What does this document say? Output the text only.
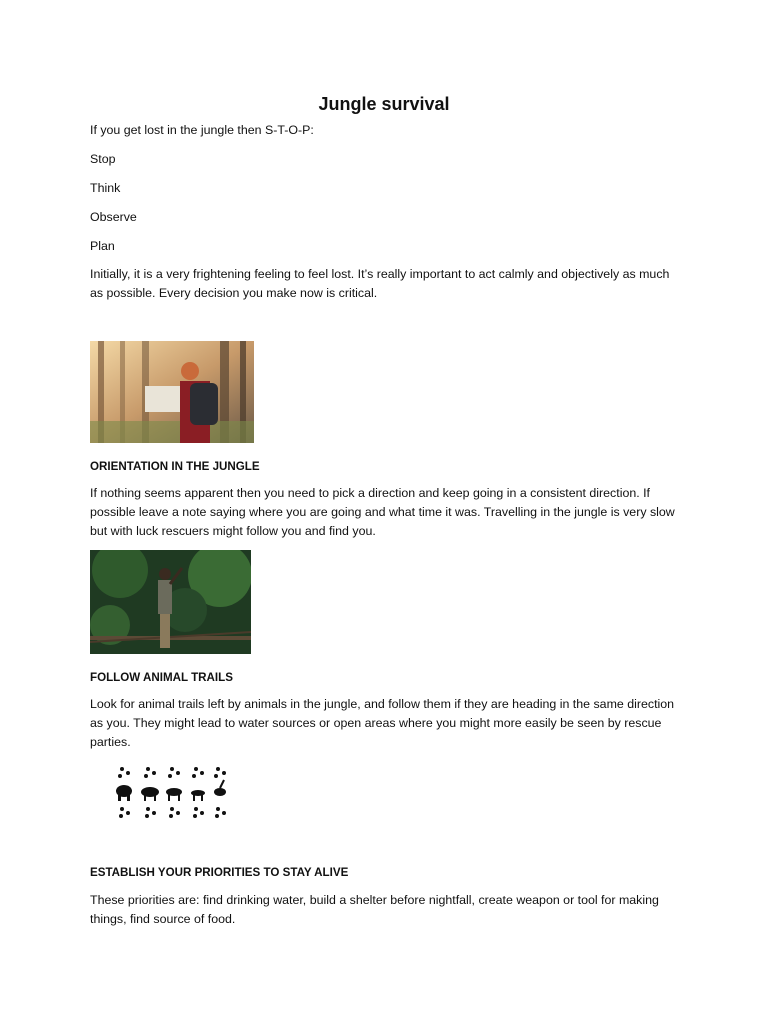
Jungle survival
If you get lost in the jungle then S-T-O-P:
Stop
Think
Observe
Plan
Initially, it is a very frightening feeling to feel lost. It’s really important to act calmly and objectively as much as possible. Every decision you make now is critical.
ORIENTATION IN THE JUNGLE
If nothing seems apparent then you need to pick a direction and keep going in a consistent direction. If possible leave a note saying where you are going and what time it was. Travelling in the jungle is very slow but with luck rescuers might follow you and find you.
FOLLOW ANIMAL TRAILS
Look for animal trails left by animals in the jungle, and follow them if they are heading in the same direction as you. They might lead to water sources or open areas where you might more easily be seen by rescue parties.
ESTABLISH YOUR PRIORITIES TO STAY ALIVE
These priorities are: find drinking water, build a shelter before nightfall, create weapon or tool for making things, find source of food.
